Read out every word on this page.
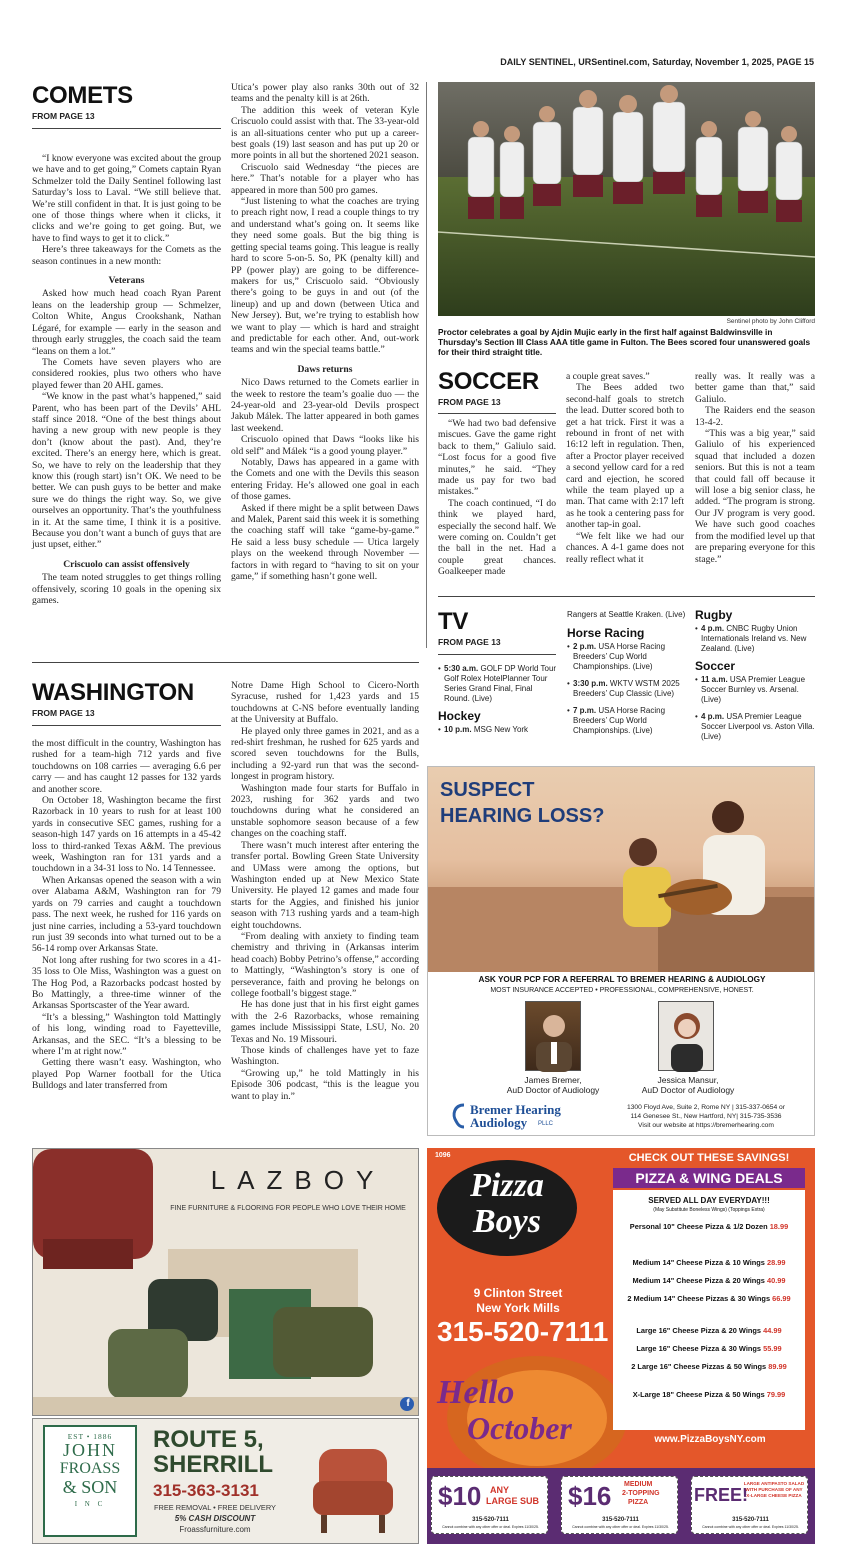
DAILY SENTINEL, URSentinel.com, Saturday, November 1, 2025, PAGE 15
COMETS
FROM PAGE 13

“I know everyone was excited about the group we have and to get going,” Comets captain Ryan Schmelzer told the Daily Sentinel following last Saturday’s loss to Laval. “We still believe that. We’re still confident in that. It is just going to be one of those things where when it clicks, it clicks and we’re going to get going. But, we have to find ways to get it to click.”

Here’s three takeaways for the Comets as the season continues in a new month:

Veterans

Asked how much head coach Ryan Parent leans on the leadership group — Schmelzer, Colton White, Angus Crookshank, Nathan Légaré, for example — early in the season and through early struggles, the coach said the team “leans on them a lot.”

The Comets have seven players who are considered rookies, plus two others who have played fewer than 20 AHL games.

“We know in the past what’s happened,” said Parent, who has been part of the Devils’ AHL staff since 2018. “One of the best things about having a new group with new people is they don’t (know about the past). And, they’re excited. There’s an energy here, which is great. So, we have to rely on the leadership that they know this (rough start) isn’t OK. We need to be better. We can push guys to be better and make sure we do things the right way. So, we give ourselves an opportunity. That’s the youthfulness in it. At the same time, I think it is a positive. Because you don’t want a bunch of guys that are just upset, either.”

Criscuolo can assist offensively

The team noted struggles to get things rolling offensively, scoring 10 goals in the opening six games.

Utica’s power play also ranks 30th out of 32 teams and the penalty kill is at 26th.

The addition this week of veteran Kyle Criscuolo could assist with that. The 33-year-old is an all-situations center who put up a career-best goals (19) last season and has put up 20 or more points in all but the shortened 2021 season.

Criscuolo said Wednesday “the pieces are here.” That’s notable for a player who has appeared in more than 500 pro games.

“Just listening to what the coaches are trying to preach right now, I read a couple things to try and understand what’s going on. It seems like they need some goals. But the big thing is getting special teams going. This league is really hard to score 5-on-5. So, PK (penalty kill) and PP (power play) are going to be difference-makers for us,” Criscuolo said. “Obviously there’s going to be guys in and out (of the lineup) and up and down (between Utica and New Jersey). But, we’re trying to establish how we want to play — which is hard and straight and predictable for each other. And, out-work teams and win the special teams battle.”

Daws returns

Nico Daws returned to the Comets earlier in the week to restore the team’s goalie duo — the 24-year-old and 23-year-old Devils prospect Jakub Málek. The latter appeared in both games last weekend.

Criscuolo opined that Daws “looks like his old self” and Málek “is a good young player.”

Notably, Daws has appeared in a game with the Comets and one with the Devils this season entering Friday. He’s allowed one goal in each of those games.

Asked if there might be a split between Daws and Malek, Parent said this week it is something the coaching staff will take “game-by-game.” He said a less busy schedule — Utica largely plays on the weekend through November — factors in with regard to “having to sit on your game,” if something hasn’t gone well.

Sentinel photo by John Clifford
Proctor celebrates a goal by Ajdin Mujic early in the first half against Baldwinsville in Thursday’s Section III Class AAA title game in Fulton. The Bees scored four unanswered goals for their third straight title.
SOCCER
FROM PAGE 13

“We had two bad defensive miscues. Gave the game right back to them,” Galiulo said. “Lost focus for a good five minutes,” he said. “They made us pay for two bad mistakes.”

The coach continued, “I do think we played hard, especially the second half. We were coming on. Couldn’t get the ball in the net. Had a couple great chances. Goalkeeper made

a couple great saves.”

The Bees added two second-half goals to stretch the lead. Dutter scored both to get a hat trick. First it was a rebound in front of net with 16:12 left in regulation. Then, after a Proctor player received a second yellow card for a red card and ejection, he scored while the team played up a man. That came with 2:17 left as he took a centering pass for another tap-in goal.

“We felt like we had our chances. A 4-1 game does not really reflect what it

really was. It really was a better game than that,” said Galiulo.

The Raiders end the season 13-4-2.

“This was a big year,” said Galiulo of his experienced squad that included a dozen seniors. But this is not a team that could fall off because it will lose a big senior class, he added. “The program is strong. Our JV program is very good. We have such good coaches from the modified level up that are preparing everyone for this stage.”

TV
FROM PAGE 13
• 5:30 a.m. GOLF DP World Tour Golf Rolex HotelPlanner Tour Series Grand Final, Final Round. (Live)
Hockey
• 10 p.m. MSG New York
Rangers at Seattle Kraken. (Live)
Horse Racing
• 2 p.m. USA Horse Racing Breeders’ Cup World Championships. (Live)
• 3:30 p.m. WKTV WSTM 2025 Breeders’ Cup Classic (Live)
• 7 p.m. USA Horse Racing Breeders’ Cup World Championships. (Live)
Rugby
• 4 p.m. CNBC Rugby Union Internationals Ireland vs. New Zealand. (Live)
Soccer
• 11 a.m. USA Premier League Soccer Burnley vs. Arsenal. (Live)
• 4 p.m. USA Premier League Soccer Liverpool vs. Aston Villa. (Live)
WASHINGTON
FROM PAGE 13

the most difficult in the country, Washington has rushed for a team-high 712 yards and five touchdowns on 108 carries — averaging 6.6 per carry — and has caught 12 passes for 132 yards and another score.

On October 18, Washington became the first Razorback in 10 years to rush for at least 100 yards in consecutive SEC games, rushing for a season-high 147 yards on 16 attempts in a 45-42 loss to third-ranked Texas A&M. The previous week, Washington ran for 131 yards and a touchdown in a 34-31 loss to No. 14 Tennessee.

When Arkansas opened the season with a win over Alabama A&M, Washington ran for 79 yards on 79 carries and caught a touchdown pass. The next week, he rushed for 116 yards on just nine carries, including a 53-yard touchdown run just 39 seconds into what turned out to be a 56-14 romp over Arkansas State.

Not long after rushing for two scores in a 41-35 loss to Ole Miss, Washington was a guest on The Hog Pod, a Razorbacks podcast hosted by Bo Mattingly, a three-time winner of the Arkansas Sportscaster of the Year award.

“It’s a blessing,” Washington told Mattingly of his long, winding road to Fayetteville, Arkansas, and the SEC. “It’s a blessing to be where I’m at right now.”

Getting there wasn’t easy. Washington, who played Pop Warner football for the Utica Bulldogs and later transferred from

Notre Dame High School to Cicero-North Syracuse, rushed for 1,423 yards and 15 touchdowns at C-NS before eventually landing at the University at Buffalo.

He played only three games in 2021, and as a red-shirt freshman, he rushed for 625 yards and scored seven touchdowns for the Bulls, including a 92-yard run that was the second-longest in program history.

Washington made four starts for Buffalo in 2023, rushing for 362 yards and two touchdowns during what he considered an unstable sophomore season because of a few changes on the coaching staff.

There wasn’t much interest after entering the transfer portal. Bowling Green State University and UMass were among the options, but Washington ended up at New Mexico State University. He played 12 games and made four starts for the Aggies, and finished his junior season with 713 rushing yards and a team-high eight touchdowns.

“From dealing with anxiety to finding team chemistry and thriving in (Arkansas interim head coach) Bobby Petrino’s offense,” according to Mattingly, “Washington’s story is one of perseverance, faith and proving he belongs on college football’s biggest stage.”

He has done just that in his first eight games with the 2-6 Razorbacks, whose remaining games include Mississippi State, LSU, No. 20 Texas and No. 19 Missouri.

Those kinds of challenges have yet to faze Washington.

“Growing up,” he told Mattingly in his Episode 306 podcast, “this is the league you want to play in.”

SUSPECT
HEARING LOSS?
ASK YOUR PCP FOR A REFERRAL TO BREMER HEARING & AUDIOLOGY
MOST INSURANCE ACCEPTED • PROFESSIONAL, COMPREHENSIVE, HONEST.
James Bremer,
AuD Doctor of Audiology
Jessica Mansur,
AuD Doctor of Audiology
Bremer Hearing
Audiology PLLC
1300 Floyd Ave, Suite 2, Rome NY | 315-337-0654 or
114 Genesee St., New Hartford, NY| 315-735-3536
Visit our website at https://bremerhearing.com
LAZBOY
FINE FURNITURE & FLOORING FOR PEOPLE WHO LOVE THEIR HOME
f
EST • 1886
JOHN
FROASS
& SON
I N C
ROUTE 5,
SHERRILL
315-363-3131
FREE REMOVAL • FREE DELIVERY
5% CASH DISCOUNT
Froassfurniture.com
1096
Pizza
Boys
9 Clinton Street
New York Mills
315-520-7111
Hello
October	www.PizzaBoysNY.com
CHECK OUT THESE SAVINGS!
PIZZA & WING DEALS
SERVED ALL DAY EVERYDAY!!!
(May Substitute Boneless Wings) (Toppings Extra)
Personal 10" Cheese Pizza & 1/2 Dozen 18.99
Medium 14" Cheese Pizza & 10 Wings 28.99
Medium 14" Cheese Pizza & 20 Wings 40.99
2 Medium 14" Cheese Pizzas & 30 Wings 66.99
Large 16" Cheese Pizza & 20 Wings 44.99
Large 16" Cheese Pizza & 30 Wings 55.99
2 Large 16" Cheese Pizzas & 50 Wings 89.99
X-Large 18" Cheese Pizza & 50 Wings 79.99
$10 ANY
LARGE SUB
315-520-7111
Cannot combine with any other offer or deal. Expires 11/30/25.
$16 MEDIUM
2-TOPPING
PIZZA
315-520-7111
Cannot combine with any other offer or deal. Expires 11/30/25.
FREE!
LARGE ANTIPASTO SALAD
WITH PURCHASE OF ANY
X-LARGE CHEESE PIZZA
315-520-7111
Cannot combine with any other offer or deal. Expires 11/30/25.
